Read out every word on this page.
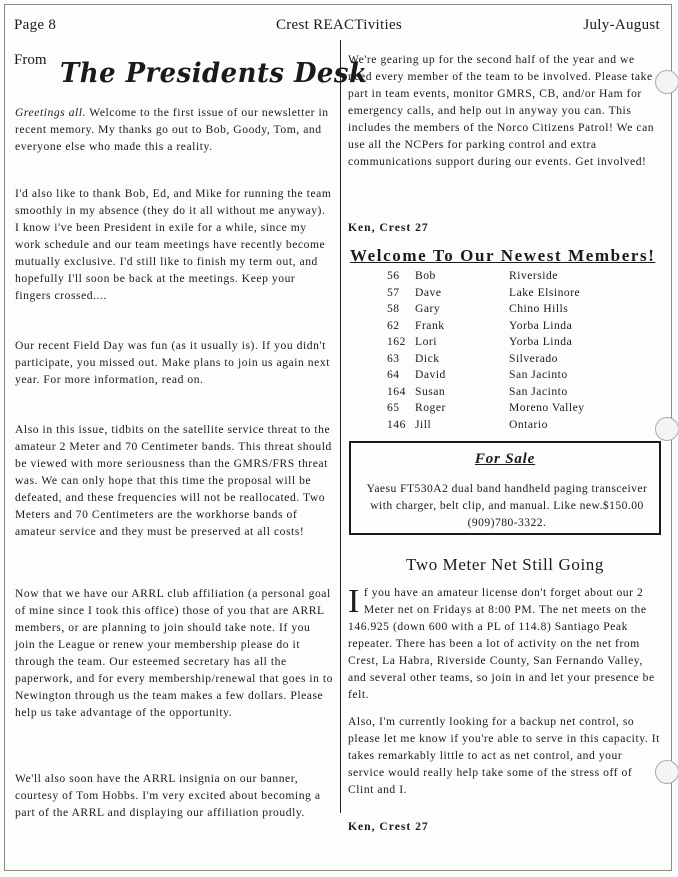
Page 8	Crest REACTivities	July-August
From The Presidents Desk

Greetings all. Welcome to the first issue of our newsletter in recent memory. My thanks go out to Bob, Goody, Tom, and everyone else who made this a reality.

I'd also like to thank Bob, Ed, and Mike for running the team smoothly in my absence (they do it all without me anyway). I know i've been President in exile for a while, since my work schedule and our team meetings have recently become mutually exclusive. I'd still like to finish my term out, and hopefully I'll soon be back at the meetings. Keep your fingers crossed....

Our recent Field Day was fun (as it usually is). If you didn't participate, you missed out. Make plans to join us again next year. For more information, read on.

Also in this issue, tidbits on the satellite service threat to the amateur 2 Meter and 70 Centimeter bands. This threat should be viewed with more seriousness than the GMRS/FRS threat was. We can only hope that this time the proposal will be defeated, and these frequencies will not be reallocated. Two Meters and 70 Centimeters are the workhorse bands of amateur service and they must be preserved at all costs!

Now that we have our ARRL club affiliation (a personal goal of mine since I took this office) those of you that are ARRL members, or are planning to join should take note. If you join the League or renew your membership please do it through the team. Our esteemed secretary has all the paperwork, and for every membership/renewal that goes in to Newington through us the team makes a few dollars. Please help us take advantage of the opportunity.

We'll also soon have the ARRL insignia on our banner, courtesy of Tom Hobbs. I'm very excited about becoming a part of the ARRL and displaying our affiliation proudly.

We're gearing up for the second half of the year and we need every member of the team to be involved. Please take part in team events, monitor GMRS, CB, and/or Ham for emergency calls, and help out in anyway you can. This includes the members of the Norco Citizens Patrol! We can use all the NCPers for parking control and extra communications support during our events. Get involved!

Ken, Crest 27
Welcome To Our Newest Members!
56	Bob	Riverside
57	Dave	Lake Elsinore
58	Gary	Chino Hills
62	Frank	Yorba Linda
162 Lori	Yorba Linda
63	Dick	Silverado
64	David	San Jacinto
164 Susan	San Jacinto
65	Roger	Moreno Valley
146 Jill	Ontario
For Sale
Yaesu FT530A2 dual band handheld paging transceiver with charger, belt clip, and manual. Like new.$150.00 (909)780-3322.
Two Meter Net Still Going

If you have an amateur license don't forget about our 2 Meter net on Fridays at 8:00 PM. The net meets on the 146.925 (down 600 with a PL of 114.8) Santiago Peak repeater. There has been a lot of activity on the net from Crest, La Habra, Riverside County, San Fernando Valley, and several other teams, so join in and let your presence be felt.

Also, I'm currently looking for a backup net control, so please let me know if you're able to serve in this capacity. It takes remarkably little to act as net control, and your service would really help take some of the stress off of Clint and I.

Ken, Crest 27
